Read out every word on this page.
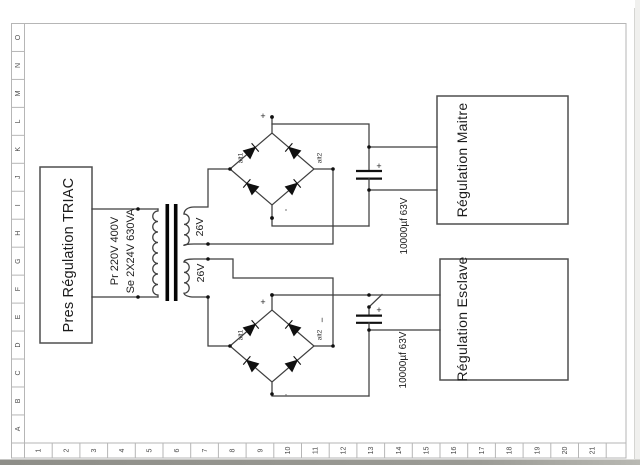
O
N
M
L
K
J
I
H
G
F
E
D
C
B
A
1	2	3	4	5	6	7	8	9	10	11	12	13	14	15	16	17	18	19	20	21
Pres Régulation TRIAC
Régulation Maitre
Régulation Esclave
Pr 220V 400V Se 2X24V 630VA	26V
26V
10000µf 63V
10000µf 63V
alt1	alt2
alt1	alt2
+
+
+
+
−
